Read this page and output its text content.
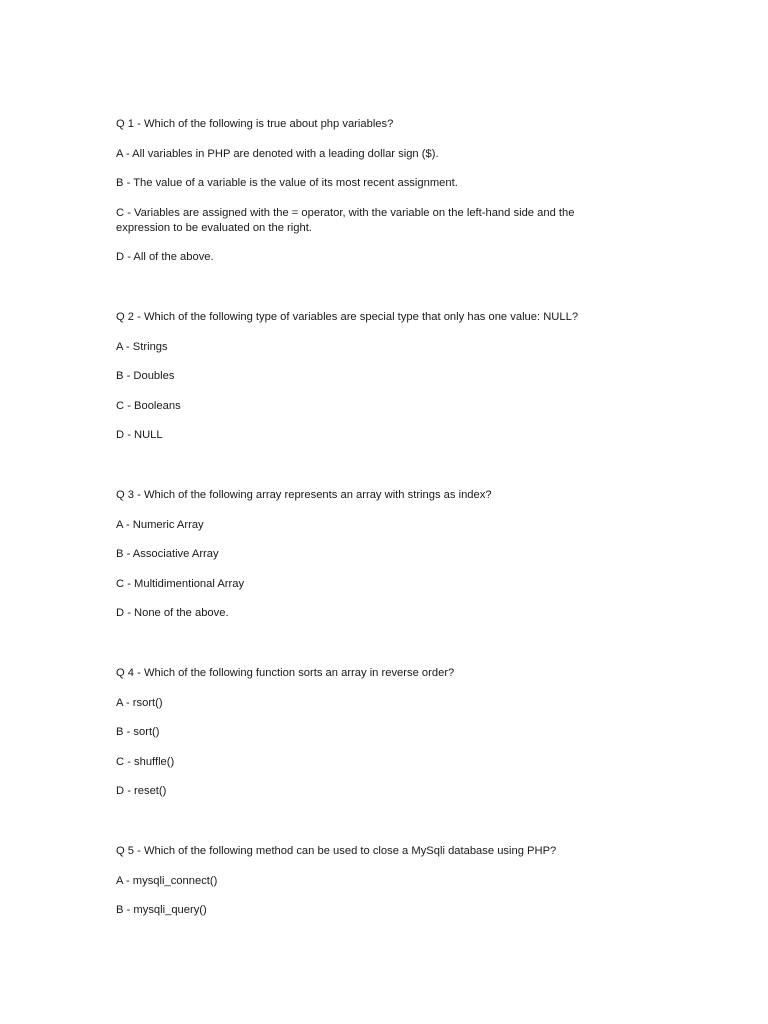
Q 1 - Which of the following is true about php variables?

A - All variables in PHP are denoted with a leading dollar sign ($).

B - The value of a variable is the value of its most recent assignment.

C - Variables are assigned with the = operator, with the variable on the left-hand side and the expression to be evaluated on the right.

D - All of the above.

Q 2 - Which of the following type of variables are special type that only has one value: NULL?

A - Strings

B - Doubles

C - Booleans

D - NULL

Q 3 - Which of the following array represents an array with strings as index?

A - Numeric Array

B - Associative Array

C - Multidimentional Array

D - None of the above.

Q 4 - Which of the following function sorts an array in reverse order?

A - rsort()

B - sort()

C - shuffle()

D - reset()

Q 5 - Which of the following method can be used to close a MySqli database using PHP?

A - mysqli_connect()

B - mysqli_query()
